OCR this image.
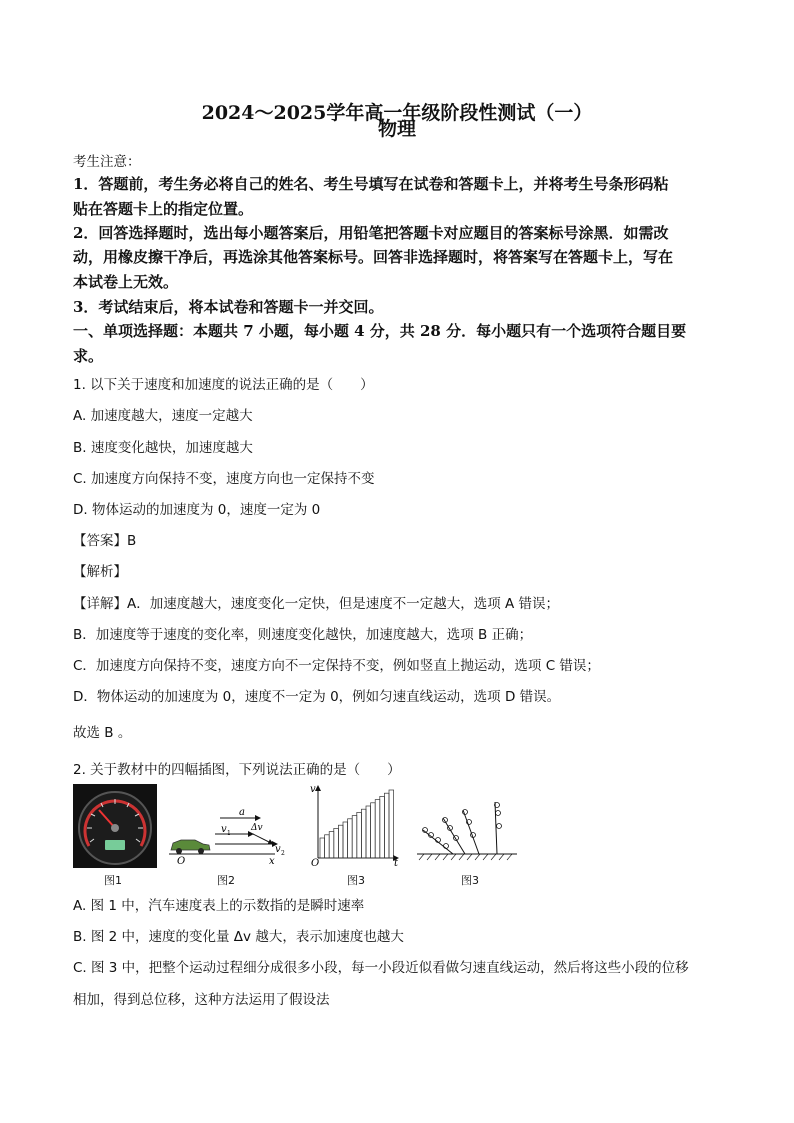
2024～2025学年高一年级阶段性测试（一）
物理
考生注意：
1．答题前，考生务必将自己的姓名、考生号填写在试卷和答题卡上，并将考生号条形码粘
贴在答题卡上的指定位置。
2．回答选择题时，选出每小题答案后，用铅笔把答题卡对应题目的答案标号涂黑．如需改
动，用橡皮擦干净后，再选涂其他答案标号。回答非选择题时，将答案写在答题卡上，写在
本试卷上无效。
3．考试结束后，将本试卷和答题卡一并交回。
一、单项选择题：本题共 7 小题，每小题 4 分，共 28 分．每小题只有一个选项符合题目要
求。
1. 以下关于速度和加速度的说法正确的是（　　）
A. 加速度越大，速度一定越大
B. 速度变化越快，加速度越大
C. 加速度方向保持不变，速度方向也一定保持不变
D. 物体运动的加速度为 0，速度一定为 0
【答案】B
【解析】
【详解】A．加速度越大，速度变化一定快，但是速度不一定越大，选项 A 错误；
B．加速度等于速度的变化率，则速度变化越快，加速度越大，选项 B 正确；
C．加速度方向保持不变，速度方向不一定保持不变，例如竖直上抛运动，选项 C 错误；
D．物体运动的加速度为 0，速度不一定为 0，例如匀速直线运动，选项 D 错误。
故选 B 。
2. 关于教材中的四幅插图，下列说法正确的是（　　）
a
v 1
Δv
v 2
O	x
v
O	t
图1	图2	图3	图3
A. 图 1 中，汽车速度表上的示数指的是瞬时速率
B. 图 2 中，速度的变化量 Δv 越大，表示加速度也越大
C. 图 3 中，把整个运动过程细分成很多小段，每一小段近似看做匀速直线运动，然后将这些小段的位移
相加，得到总位移，这种方法运用了假设法
